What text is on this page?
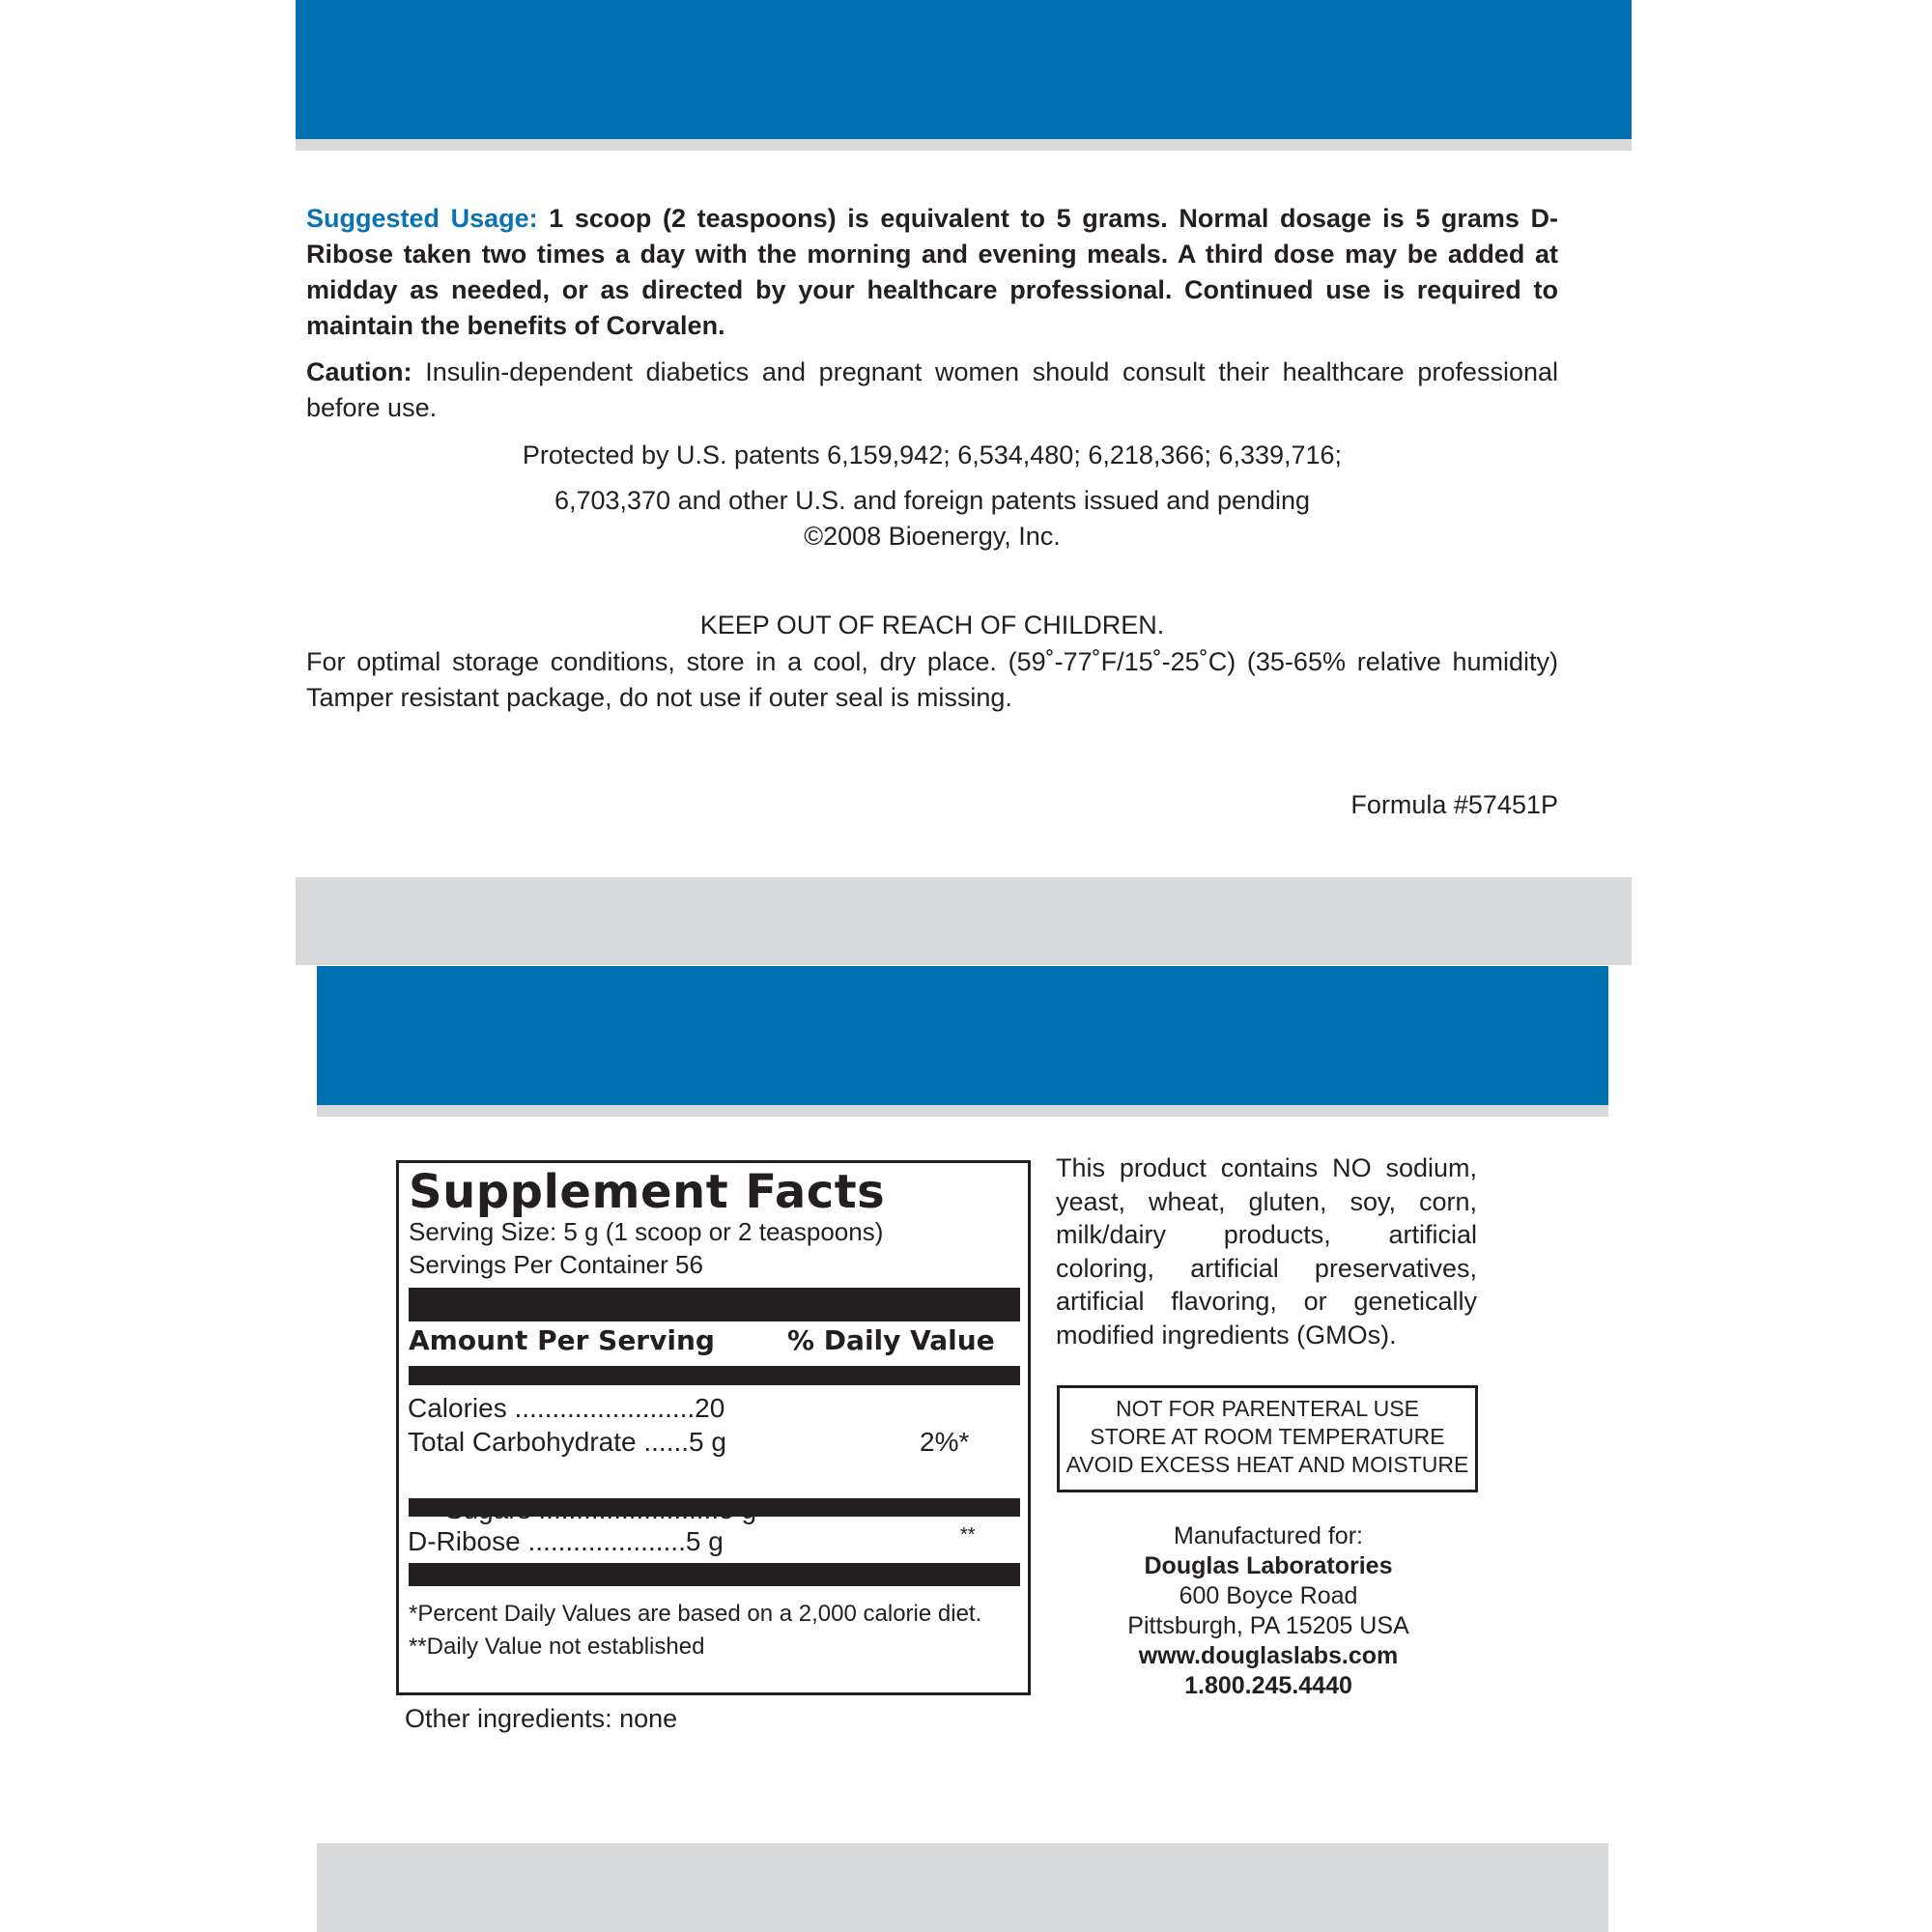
Suggested Usage: 1 scoop (2 teaspoons) is equivalent to 5 grams. Normal dosage is 5 grams D-Ribose taken two times a day with the morning and evening meals. A third dose may be added at midday as needed, or as directed by your healthcare professional. Continued use is required to maintain the benefits of Corvalen.
Caution: Insulin-dependent diabetics and pregnant women should consult their healthcare professional before use.
Protected by U.S. patents 6,159,942; 6,534,480; 6,218,366; 6,339,716;
6,703,370 and other U.S. and foreign patents issued and pending
©2008 Bioenergy, Inc.
KEEP OUT OF REACH OF CHILDREN.
For optimal storage conditions, store in a cool, dry place. (59˚-77˚F/15˚-25˚C) (35-65% relative humidity) Tamper resistant package, do not use if outer seal is missing.
Formula #57451P
Supplement Facts
Serving Size: 5 g (1 scoop or 2 teaspoons)
Servings Per Container 56
Amount Per Serving	% Daily Value
Calories ........................20
Total Carbohydrate ......5 g	2%*

D-Ribose .....................5 g	**
*Percent Daily Values are based on a 2,000 calorie diet.
**Daily Value not established
Other ingredients: none
This product contains NO sodium, yeast, wheat, gluten, soy, corn, milk/dairy products, artificial coloring, artificial preservatives, artificial flavoring, or genetically modified ingredients (GMOs).
NOT FOR PARENTERAL USE
STORE AT ROOM TEMPERATURE
AVOID EXCESS HEAT AND MOISTURE
Manufactured for:
Douglas Laboratories
600 Boyce Road
Pittsburgh, PA 15205 USA
www.douglaslabs.com
1.800.245.4440
